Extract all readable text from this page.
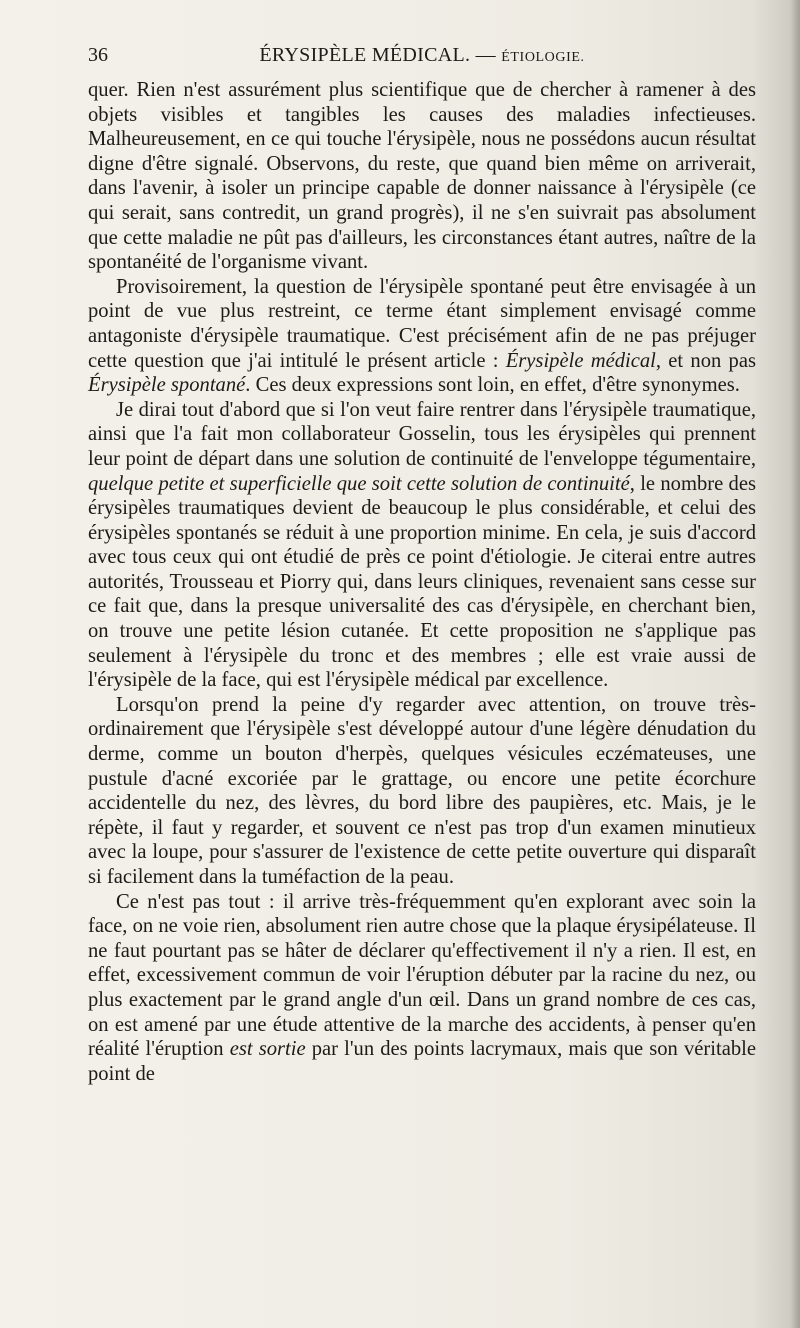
36	ÉRYSIPÈLE MÉDICAL. — ÉTIOLOGIE.

quer. Rien n'est assurément plus scientifique que de chercher à ramener à des objets visibles et tangibles les causes des maladies infectieuses. Malheureusement, en ce qui touche l'érysipèle, nous ne possédons aucun résultat digne d'être signalé. Observons, du reste, que quand bien même on arriverait, dans l'avenir, à isoler un principe capable de donner naissance à l'érysipèle (ce qui serait, sans contredit, un grand progrès), il ne s'en suivrait pas absolument que cette maladie ne pût pas d'ailleurs, les circonstances étant autres, naître de la spontanéité de l'organisme vivant.

Provisoirement, la question de l'érysipèle spontané peut être envisagée à un point de vue plus restreint, ce terme étant simplement envisagé comme antagoniste d'érysipèle traumatique. C'est précisément afin de ne pas préjuger cette question que j'ai intitulé le présent article : Érysipèle médical, et non pas Érysipèle spontané. Ces deux expressions sont loin, en effet, d'être synonymes.

Je dirai tout d'abord que si l'on veut faire rentrer dans l'érysipèle traumatique, ainsi que l'a fait mon collaborateur Gosselin, tous les érysipèles qui prennent leur point de départ dans une solution de continuité de l'enveloppe tégumentaire, quelque petite et superficielle que soit cette solution de continuité, le nombre des érysipèles traumatiques devient de beaucoup le plus considérable, et celui des érysipèles spontanés se réduit à une proportion minime. En cela, je suis d'accord avec tous ceux qui ont étudié de près ce point d'étiologie. Je citerai entre autres autorités, Trousseau et Piorry qui, dans leurs cliniques, revenaient sans cesse sur ce fait que, dans la presque universalité des cas d'érysipèle, en cherchant bien, on trouve une petite lésion cutanée. Et cette proposition ne s'applique pas seulement à l'érysipèle du tronc et des membres ; elle est vraie aussi de l'érysipèle de la face, qui est l'érysipèle médical par excellence.

Lorsqu'on prend la peine d'y regarder avec attention, on trouve très-ordinairement que l'érysipèle s'est développé autour d'une légère dénudation du derme, comme un bouton d'herpès, quelques vésicules eczémateuses, une pustule d'acné excoriée par le grattage, ou encore une petite écorchure accidentelle du nez, des lèvres, du bord libre des paupières, etc. Mais, je le répète, il faut y regarder, et souvent ce n'est pas trop d'un examen minutieux avec la loupe, pour s'assurer de l'existence de cette petite ouverture qui disparaît si facilement dans la tuméfaction de la peau.

Ce n'est pas tout : il arrive très-fréquemment qu'en explorant avec soin la face, on ne voie rien, absolument rien autre chose que la plaque érysipélateuse. Il ne faut pourtant pas se hâter de déclarer qu'effectivement il n'y a rien. Il est, en effet, excessivement commun de voir l'éruption débuter par la racine du nez, ou plus exactement par le grand angle d'un œil. Dans un grand nombre de ces cas, on est amené par une étude attentive de la marche des accidents, à penser qu'en réalité l'éruption est sortie par l'un des points lacrymaux, mais que son véritable point de
